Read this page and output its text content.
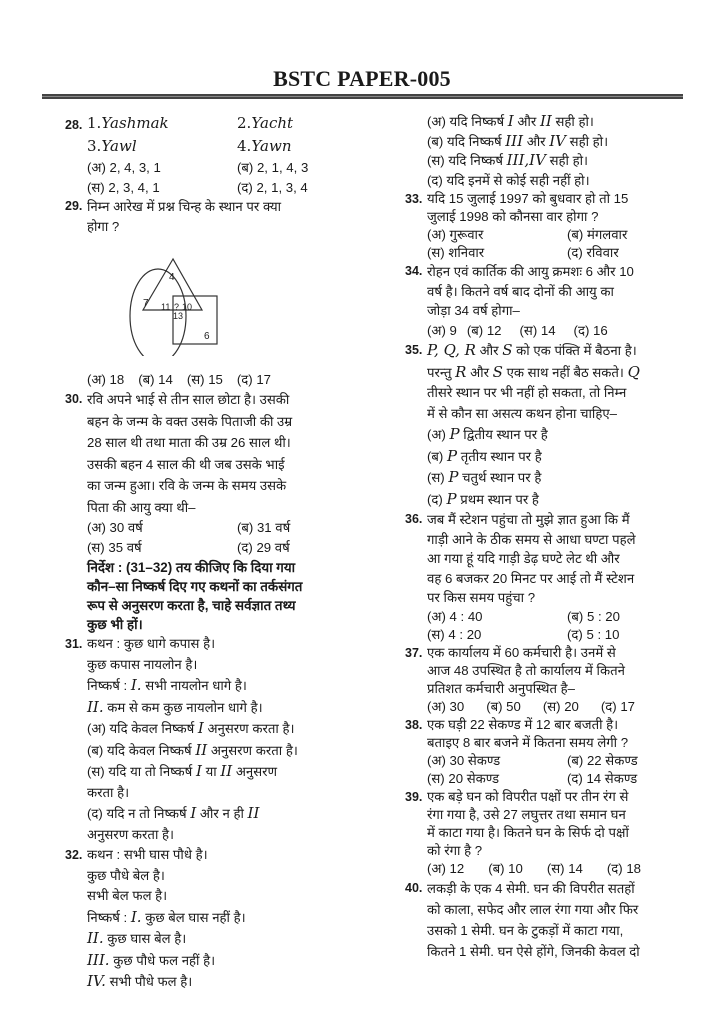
BSTC PAPER-005
28. 1.Yashmak	2.Yacht
3.Yawl	4.Yawn
(अ) 2, 4, 3, 1	(ब) 2, 1, 4, 3
(स) 2, 3, 4, 1	(द) 2, 1, 3, 4
29. निम्न आरेख में प्रश्न चिन्ह के स्थान पर क्या
होगा ?
4
7 11 ? 10
13
6
(अ) 18 (ब) 14 (स) 15 (द) 17
30. रवि अपने भाई से तीन साल छोटा है। उसकी
बहन के जन्म के वक्त उसके पिताजी की उम्र
28 साल थी तथा माता की उम्र 26 साल थी।
उसकी बहन 4 साल की थी जब उसके भाई
का जन्म हुआ। रवि के जन्म के समय उसके
पिता की आयु क्या थी–
(अ) 30 वर्ष	(ब) 31 वर्ष
(स) 35 वर्ष	(द) 29 वर्ष
निर्देश : (31–32) तय कीजिए कि दिया गया
कौन–सा निष्कर्ष दिए गए कथनों का तर्कसंगत
रूप से अनुसरण करता है, चाहे सर्वज्ञात तथ्य
कुछ भी हों।
31. कथन : कुछ धागे कपास है।
कुछ कपास नायलोन है।
निष्कर्ष : I. सभी नायलोन धागे है।
II. कम से कम कुछ नायलोन धागे है।
(अ) यदि केवल निष्कर्ष I अनुसरण करता है।
(ब) यदि केवल निष्कर्ष II अनुसरण करता है।
(स) यदि या तो निष्कर्ष I या II अनुसरण
करता है।
(द) यदि न तो निष्कर्ष I और न ही II
अनुसरण करता है।
32. कथन : सभी घास पौधे है।
कुछ पौधे बेल है।
सभी बेल फल है।
निष्कर्ष : I. कुछ बेल घास नहीं है।
II. कुछ घास बेल है।
III. कुछ पौधे फल नहीं है।
IV. सभी पौधे फल है।
(अ) यदि निष्कर्ष I और II सही हो।
(ब) यदि निष्कर्ष III और IV सही हो।
(स) यदि निष्कर्ष III,IV सही हो।
(द) यदि इनमें से कोई सही नहीं हो।
33. यदि 15 जुलाई 1997 को बुधवार हो तो 15
जुलाई 1998 को कौनसा वार होगा ?
(अ) गुरूवार	(ब) मंगलवार
(स) शनिवार	(द) रविवार
34. रोहन एवं कार्तिक की आयु क्रमशः 6 और 10
वर्ष है। कितने वर्ष बाद दोनों की आयु का
जोड़ा 34 वर्ष होगा–
(अ) 9 (ब) 12 (स) 14 (द) 16
35. P, Q, R और S को एक पंक्ति में बैठना है।
परन्तु R और S एक साथ नहीं बैठ सकते। Q
तीसरे स्थान पर भी नहीं हो सकता, तो निम्न
में से कौन सा असत्य कथन होना चाहिए–
(अ) P द्वितीय स्थान पर है
(ब) P तृतीय स्थान पर है
(स) P चतुर्थ स्थान पर है
(द) P प्रथम स्थान पर है
36. जब मैं स्टेशन पहुंचा तो मुझे ज्ञात हुआ कि मैं
गाड़ी आने के ठीक समय से आधा घण्टा पहले
आ गया हूं यदि गाड़ी डेढ़ घण्टे लेट थी और
वह 6 बजकर 20 मिनट पर आई तो मैं स्टेशन
पर किस समय पहुंचा ?
(अ) 4 : 40	(ब) 5 : 20
(स) 4 : 20	(द) 5 : 10
37. एक कार्यालय में 60 कर्मचारी है। उनमें से
आज 48 उपस्थित है तो कार्यालय में कितने
प्रतिशत कर्मचारी अनुपस्थित है–
(अ) 30 (ब) 50 (स) 20 (द) 17
38. एक घड़ी 22 सेकण्ड में 12 बार बजती है।
बताइए 8 बार बजने में कितना समय लेगी ?
(अ) 30 सेकण्ड	(ब) 22 सेकण्ड
(स) 20 सेकण्ड	(द) 14 सेकण्ड
39. एक बड़े घन को विपरीत पक्षों पर तीन रंग से
रंगा गया है, उसे 27 लघुत्तर तथा समान घन
में काटा गया है। कितने घन के सिर्फ दो पक्षों
को रंगा है ?
(अ) 12 (ब) 10 (स) 14 (द) 18
40. लकड़ी के एक 4 सेमी. घन की विपरीत सतहों
को काला, सफेद और लाल रंगा गया और फिर
उसको 1 सेमी. घन के टुकड़ों में काटा गया,
कितने 1 सेमी. घन ऐसे होंगे, जिनकी केवल दो
